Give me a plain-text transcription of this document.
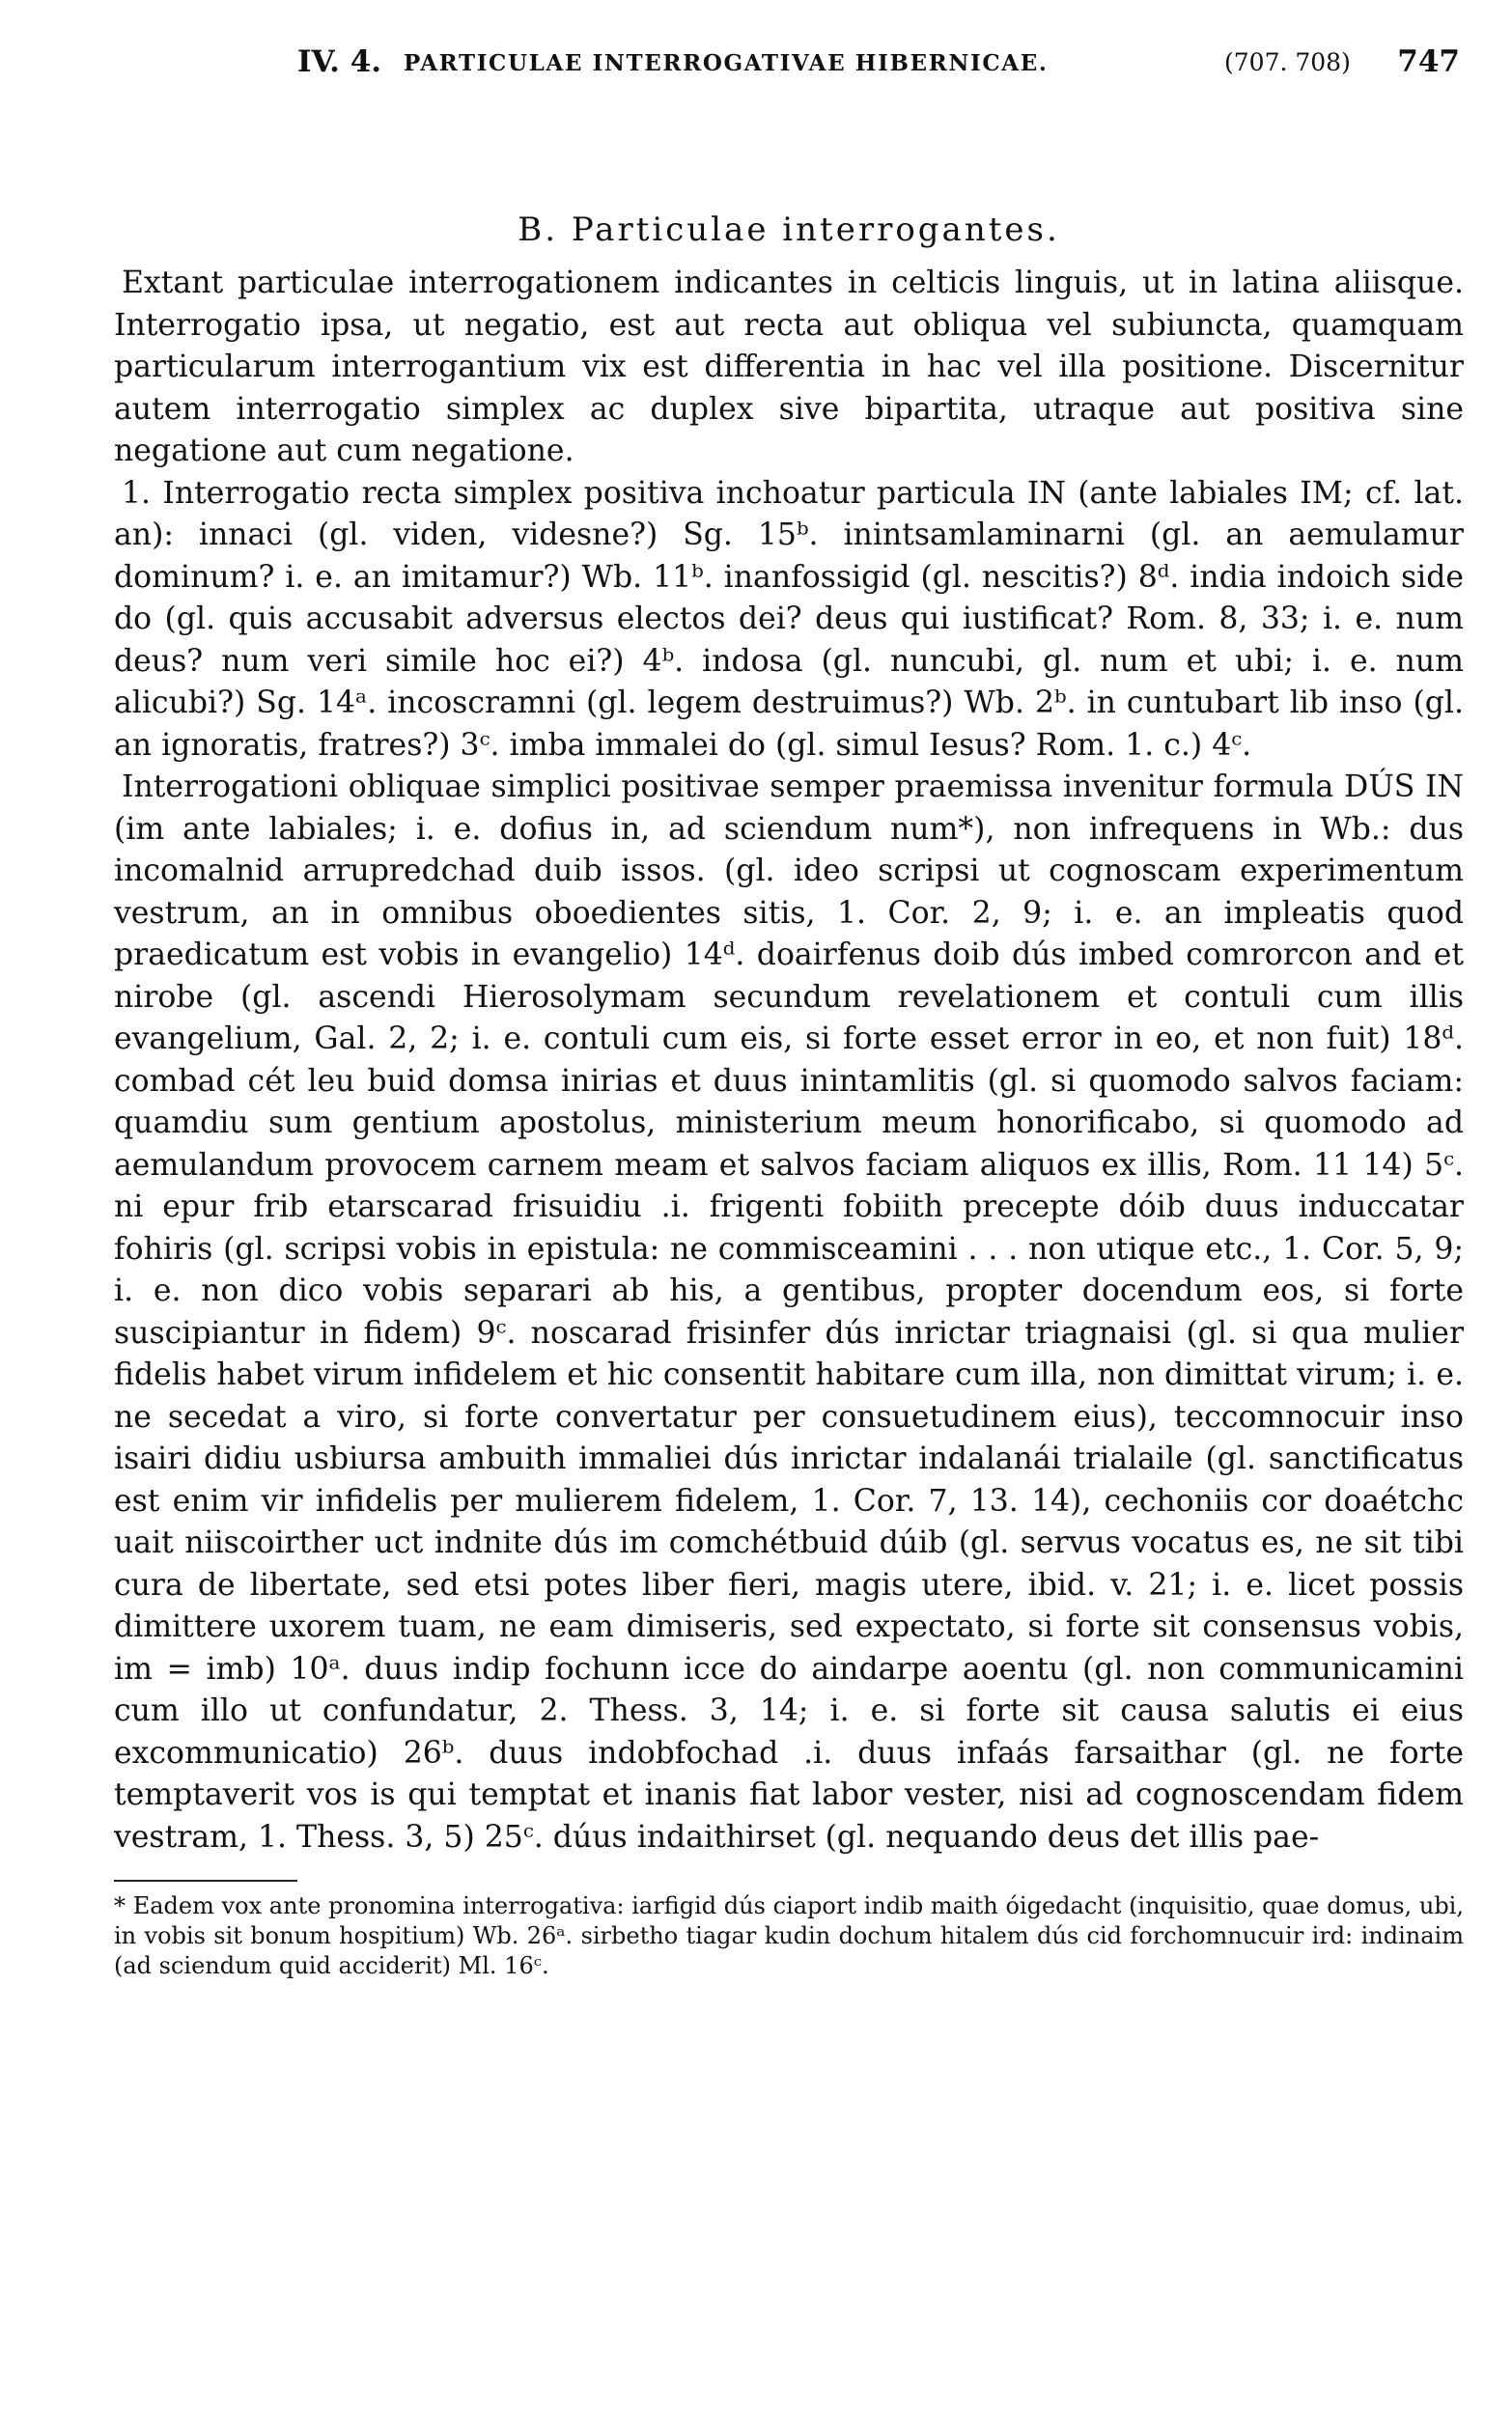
IV. 4. PARTICULAE INTERROGATIVAE HIBERNICAE.	(707. 708) 747
B. Particulae interrogantes.

Extant particulae interrogationem indicantes in celticis linguis, ut in latina aliisque. Interrogatio ipsa, ut negatio, est aut recta aut obliqua vel subiuncta, quamquam particularum interrogantium vix est differentia in hac vel illa positione. Discernitur autem interrogatio simplex ac duplex sive bipartita, utraque aut positiva sine negatione aut cum negatione.

1. Interrogatio recta simplex positiva inchoatur particula IN (ante labiales IM; cf. lat. an): innaci (gl. viden, videsne?) Sg. 15ᵇ. inintsamlaminarni (gl. an aemulamur dominum? i. e. an imitamur?) Wb. 11ᵇ. inanfossigid (gl. nescitis?) 8ᵈ. india indoich side do (gl. quis accusabit adversus electos dei? deus qui iustificat? Rom. 8, 33; i. e. num deus? num veri simile hoc ei?) 4ᵇ. indosa (gl. nuncubi, gl. num et ubi; i. e. num alicubi?) Sg. 14ᵃ. incoscramni (gl. legem destruimus?) Wb. 2ᵇ. in cuntubart lib inso (gl. an ignoratis, fratres?) 3ᶜ. imba immalei do (gl. simul Iesus? Rom. 1. c.) 4ᶜ.

Interrogationi obliquae simplici positivae semper praemissa invenitur formula DÚS IN (im ante labiales; i. e. dofius in, ad sciendum num*), non infrequens in Wb.: dus incomalnid arrupredchad duib issos. (gl. ideo scripsi ut cognoscam experimentum vestrum, an in omnibus oboedientes sitis, 1. Cor. 2, 9; i. e. an impleatis quod praedicatum est vobis in evangelio) 14ᵈ. doairfenus doib dús imbed comrorcon and et nirobe (gl. ascendi Hierosolymam secundum revelationem et contuli cum illis evangelium, Gal. 2, 2; i. e. contuli cum eis, si forte esset error in eo, et non fuit) 18ᵈ. combad cét leu buid domsa inirias et duus inintamlitis (gl. si quomodo salvos faciam: quamdiu sum gentium apostolus, ministerium meum honorificabo, si quomodo ad aemulandum provocem carnem meam et salvos faciam aliquos ex illis, Rom. 11 14) 5ᶜ. ni epur frib etarscarad frisuidiu .i. frigenti fobiith precepte dóib duus induccatar fohiris (gl. scripsi vobis in epistula: ne commisceamini . . . non utique etc., 1. Cor. 5, 9; i. e. non dico vobis separari ab his, a gentibus, propter docendum eos, si forte suscipiantur in fidem) 9ᶜ. noscarad frisinfer dús inrictar triagnaisi (gl. si qua mulier fidelis habet virum infidelem et hic consentit habitare cum illa, non dimittat virum; i. e. ne secedat a viro, si forte convertatur per consuetudinem eius), teccomnocuir inso isairi didiu usbiursa ambuith immaliei dús inrictar indalanái trialaile (gl. sanctificatus est enim vir infidelis per mulierem fidelem, 1. Cor. 7, 13. 14), cechoniis cor doaétchc uait niiscoirther uct indnite dús im comchétbuid dúib (gl. servus vocatus es, ne sit tibi cura de libertate, sed etsi potes liber fieri, magis utere, ibid. v. 21; i. e. licet possis dimittere uxorem tuam, ne eam dimiseris, sed expectato, si forte sit consensus vobis, im = imb) 10ᵃ. duus indip fochunn icce do aindarpe aoentu (gl. non communicamini cum illo ut confundatur, 2. Thess. 3, 14; i. e. si forte sit causa salutis ei eius excommunicatio) 26ᵇ. duus indobfochad .i. duus infaás farsaithar (gl. ne forte temptaverit vos is qui temptat et inanis fiat labor vester, nisi ad cognoscendam fidem vestram, 1. Thess. 3, 5) 25ᶜ. dúus indaithirset (gl. nequando deus det illis pae-

* Eadem vox ante pronomina interrogativa: iarfigid dús ciaport indib maith óigedacht (inquisitio, quae domus, ubi, in vobis sit bonum hospitium) Wb. 26ᵃ. sirbetho tiagar kudin dochum hitalem dús cid forchomnucuir ird: indinaim (ad sciendum quid acciderit) Ml. 16ᶜ.
